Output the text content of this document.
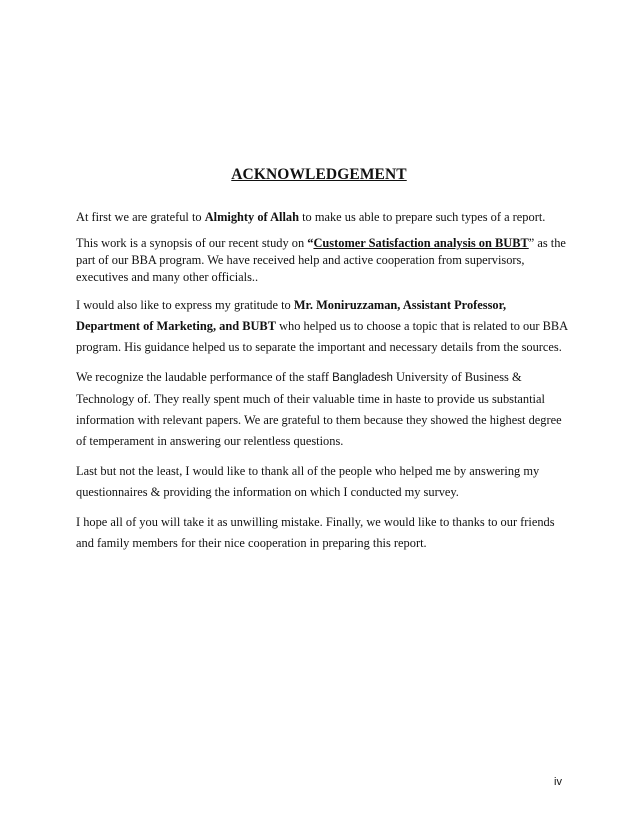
ACKNOWLEDGEMENT

At first we are grateful to Almighty of Allah to make us able to prepare such types of a report.

This work is a synopsis of our recent study on “Customer Satisfaction analysis on BUBT” as the part of our BBA program. We have received help and active cooperation from supervisors, executives and many other officials..

I would also like to express my gratitude to Mr. Moniruzzaman, Assistant Professor, Department of Marketing, and BUBT who helped us to choose a topic that is related to our BBA program. His guidance helped us to separate the important and necessary details from the sources.

We recognize the laudable performance of the staff Bangladesh University of Business & Technology of. They really spent much of their valuable time in haste to provide us substantial information with relevant papers. We are grateful to them because they showed the highest degree of temperament in answering our relentless questions.

Last but not the least, I would like to thank all of the people who helped me by answering my questionnaires & providing the information on which I conducted my survey.

I hope all of you will take it as unwilling mistake. Finally, we would like to thanks to our friends and family members for their nice cooperation in preparing this report.

iv
